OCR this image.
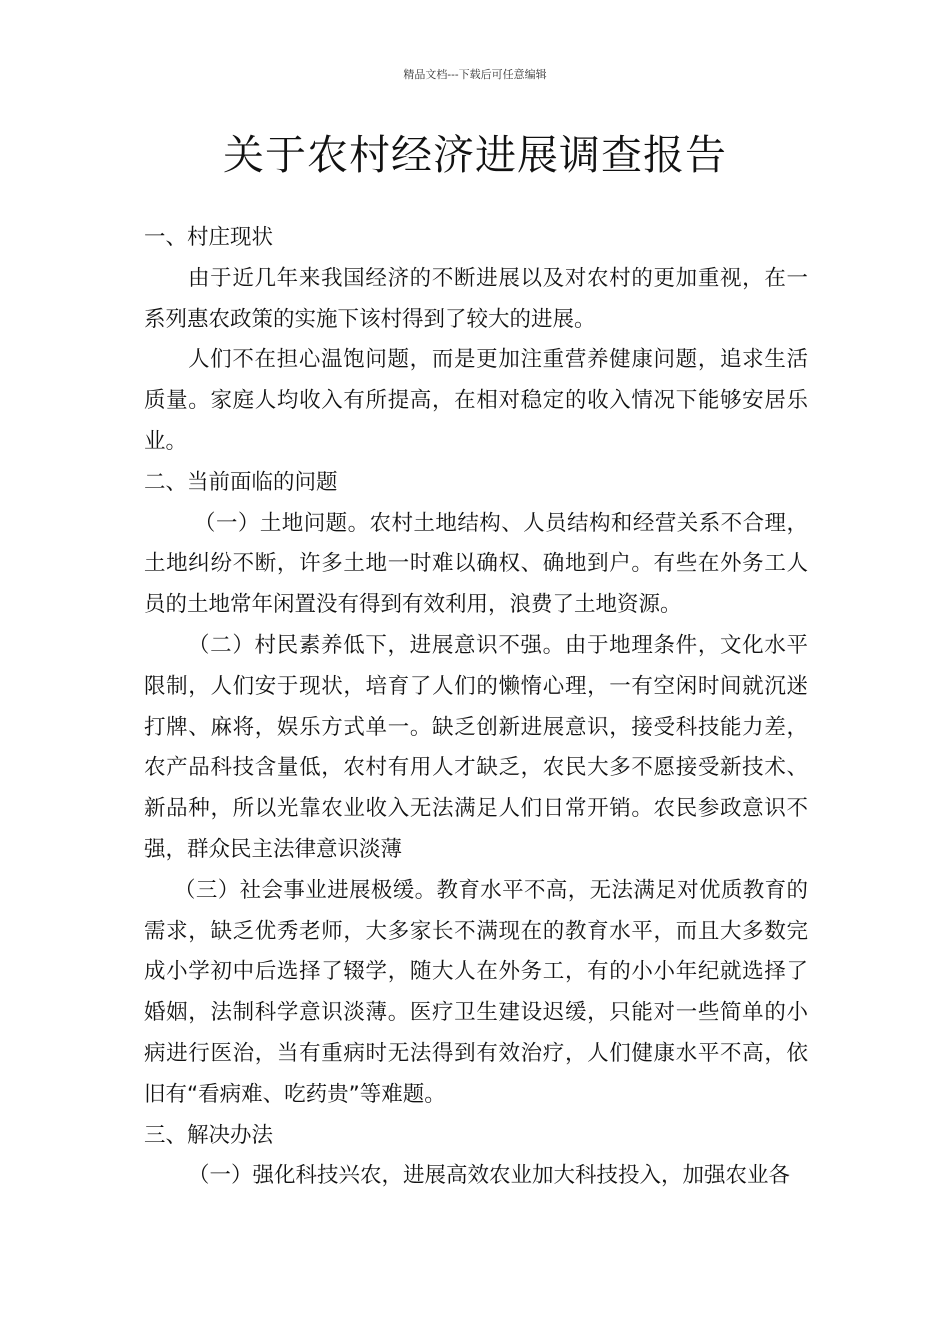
精品文档---下载后可任意编辑
关于农村经济进展调查报告

一、村庄现状

由于近几年来我国经济的不断进展以及对农村的更加重视，在一系列惠农政策的实施下该村得到了较大的进展。

人们不在担心温饱问题，而是更加注重营养健康问题，追求生活质量。家庭人均收入有所提高，在相对稳定的收入情况下能够安居乐业。

二、当前面临的问题

（一）土地问题。农村土地结构、人员结构和经营关系不合理，土地纠纷不断，许多土地一时难以确权、确地到户。有些在外务工人员的土地常年闲置没有得到有效利用，浪费了土地资源。

（二）村民素养低下，进展意识不强。由于地理条件，文化水平限制，人们安于现状，培育了人们的懒惰心理，一有空闲时间就沉迷打牌、麻将，娱乐方式单一。缺乏创新进展意识，接受科技能力差，农产品科技含量低，农村有用人才缺乏，农民大多不愿接受新技术、新品种，所以光靠农业收入无法满足人们日常开销。农民参政意识不强，群众民主法律意识淡薄

（三）社会事业进展极缓。教育水平不高，无法满足对优质教育的需求，缺乏优秀老师，大多家长不满现在的教育水平，而且大多数完成小学初中后选择了辍学，随大人在外务工，有的小小年纪就选择了婚姻，法制科学意识淡薄。医疗卫生建设迟缓，只能对一些简单的小病进行医治，当有重病时无法得到有效治疗，人们健康水平不高，依旧有“看病难、吃药贵”等难题。

三、解决办法

（一）强化科技兴农，进展高效农业加大科技投入，加强农业各
